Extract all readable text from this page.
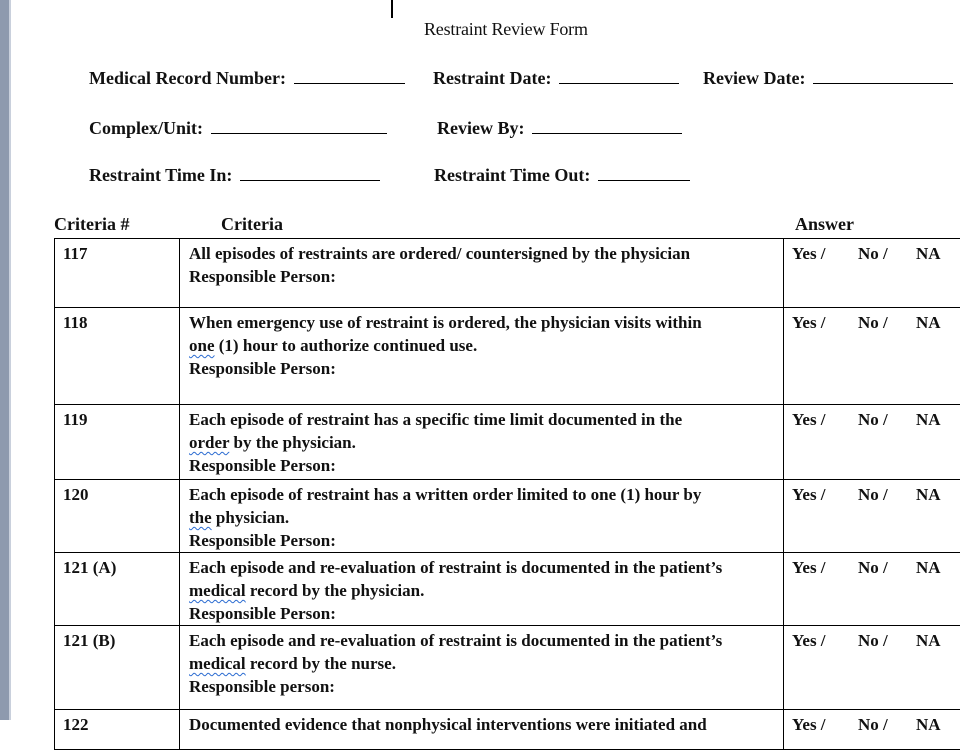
Restraint Review Form
Medical Record Number:	Restraint Date:	Review Date:
Complex/Unit:	Review By:
Restraint Time In:	Restraint Time Out:
Criteria #	Criteria	Answer
117	All episodes of restraints are ordered/ countersigned by the physician
Responsible Person:	Yes / No / NA
118	When emergency use of restraint is ordered, the physician visits within
one (1) hour to authorize continued use.
Responsible Person:	Yes / No / NA
119	Each episode of restraint has a specific time limit documented in the
order by the physician.
Responsible Person:	Yes / No / NA
120	Each episode of restraint has a written order limited to one (1) hour by
the physician.
Responsible Person:	Yes / No / NA
121 (A)	Each episode and re-evaluation of restraint is documented in the patient’s
medical record by the physician.
Responsible Person:	Yes / No / NA
121 (B)	Each episode and re-evaluation of restraint is documented in the patient’s
medical record by the nurse.
Responsible person:	Yes / No / NA
122	Documented evidence that nonphysical interventions were initiated and	Yes / No / NA
